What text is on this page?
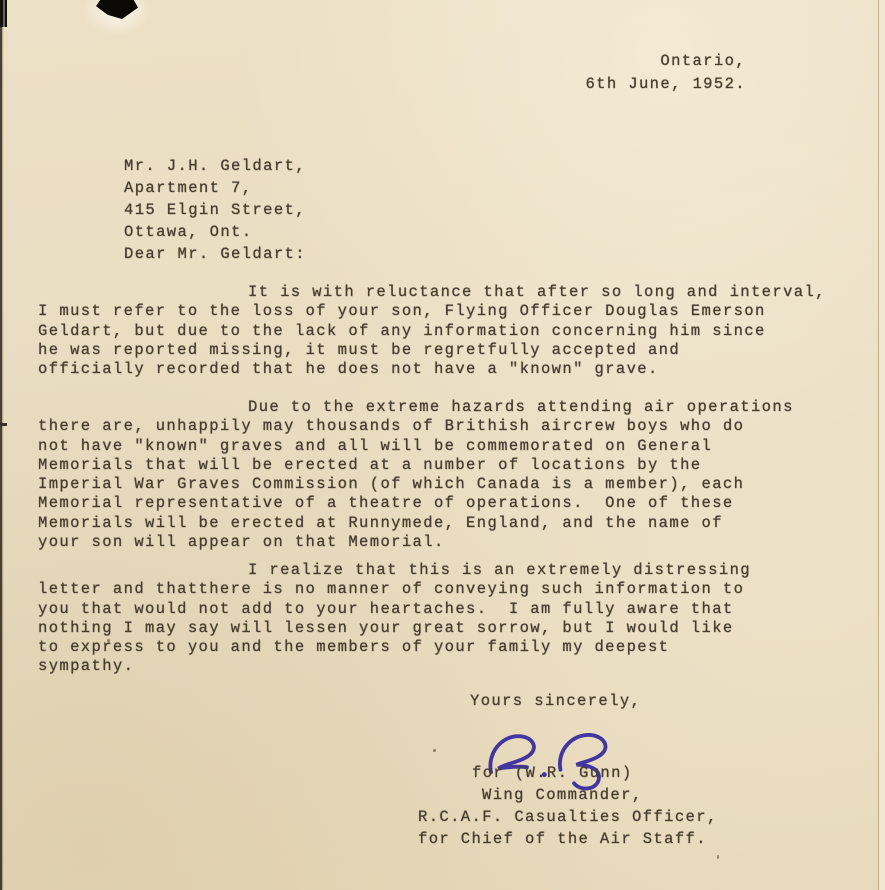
Ontario,
6th June, 1952.
Mr. J.H. Geldart,
Apartment 7,
415 Elgin Street,
Ottawa, Ont.
Dear Mr. Geldart:
It is with reluctance that after so long and interval,
I must refer to the loss of your son, Flying Officer Douglas Emerson
Geldart, but due to the lack of any information concerning him since
he was reported missing, it must be regretfully accepted and
officially recorded that he does not have a "known" grave.
Due to the extreme hazards attending air operations
there are, unhappily may thousands of Brithish aircrew boys who do
not have "known" graves and all will be commemorated on General
Memorials that will be erected at a number of locations by the
Imperial War Graves Commission (of which Canada is a member), each
Memorial representative of a theatre of operations.  One of these
Memorials will be erected at Runnymede, England, and the name of
your son will appear on that Memorial.
I realize that this is an extremely distressing
letter and thatthere is no manner of conveying such information to
you that would not add to your heartaches.  I am fully aware that
nothing I may say will lessen your great sorrow, but I would like
to express to you and the members of your family my deepest
sympathy.
Yours sincerely,
for (W.R. Gunn)
Wing Commander,
R.C.A.F. Casualties Officer,
for Chief of the Air Staff.
